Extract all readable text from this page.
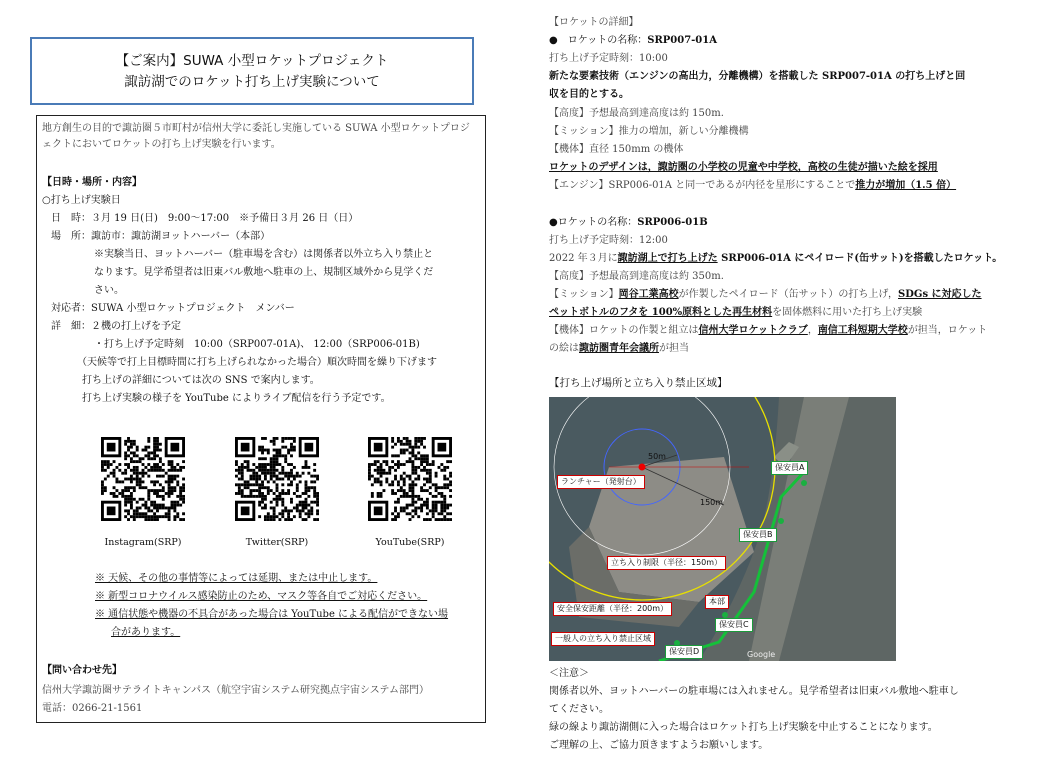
【ご案内】SUWA 小型ロケットプロジェクト
諏訪湖でのロケット打ち上げ実験について
地方創生の目的で諏訪圏５市町村が信州大学に委託し実施している SUWA 小型ロケットプロジ
ェクトにおいてロケットの打ち上げ実験を行います。
【日時・場所・内容】
○打ち上げ実験日
日　時：３月 19 日(日)　9:00〜17:00　※予備日３月 26 日（日）
場　所：諏訪市：諏訪湖ヨットハーバー（本部）
※実験当日、ヨットハーバー（駐車場を含む）は関係者以外立ち入り禁止と
なります。見学希望者は旧東バル敷地へ駐車の上、規制区域外から見学くだ
さい。
対応者：SUWA 小型ロケットプロジェクト　メンバー
詳　細：２機の打上げを予定
・打ち上げ予定時刻　10:00（SRP007-01A)、 12:00（SRP006-01B)
（天候等で打上目標時間に打ち上げられなかった場合）順次時間を繰り下げます
打ち上げの詳細については次の SNS で案内します。
打ち上げ実験の様子を YouTube によりライブ配信を行う予定です。
Instagram(SRP)	Twitter(SRP)	YouTube(SRP)
※ 天候、その他の事情等によっては延期、または中止します。
※ 新型コロナウイルス感染防止のため、マスク等各自でご対応ください。
※ 通信状態や機器の不具合があった場合は YouTube による配信ができない場
合があります。
【問い合わせ先】
信州大学諏訪圏サテライトキャンパス（航空宇宙システム研究拠点宇宙システム部門）
電話：0266-21-1561
【ロケットの詳細】
●　ロケットの名称：SRP007-01A
打ち上げ予定時刻：10:00
新たな要素技術（エンジンの高出力，分離機構）を搭載した SRP007-01A の打ち上げと回
収を目的とする。
【高度】予想最高到達高度は約 150m.
【ミッション】推力の増加，新しい分離機構
【機体】直径 150mm の機体
ロケットのデザインは，諏訪圏の小学校の児童や中学校，高校の生徒が描いた絵を採用
【エンジン】SRP006-01A と同一であるが内径を星形にすることで推力が増加（1.5 倍）
●ロケットの名称：SRP006-01B
打ち上げ予定時刻：12:00
2022 年３月に諏訪湖上で打ち上げた SRP006-01A にペイロード(缶サット)を搭載したロケット。
【高度】予想最高到達高度は約 350m.
【ミッション】岡谷工業高校が作製したペイロード（缶サット）の打ち上げ，SDGs に対応した
ペットボトルのフタを 100%原料とした再生材料を固体燃料に用いた打ち上げ実験
【機体】ロケットの作製と組立は信州大学ロケットクラブ，南信工科短期大学校が担当，ロケット
の絵は諏訪圏青年会議所が担当
【打ち上げ場所と立ち入り禁止区域】
ランチャー（発射台）
50m
150m
立ち入り制限（半径：150m）
安全保安距離（半径：200m）
本部
一般人の立ち入り禁止区域
保安員A
保安員B
保安員C
保安員D	Google
＜注意＞
関係者以外、ヨットハーバーの駐車場には入れません。見学希望者は旧東バル敷地へ駐車し
てください。
緑の線より諏訪湖側に入った場合はロケット打ち上げ実験を中止することになります。
ご理解の上、ご協力頂きますようお願いします。
